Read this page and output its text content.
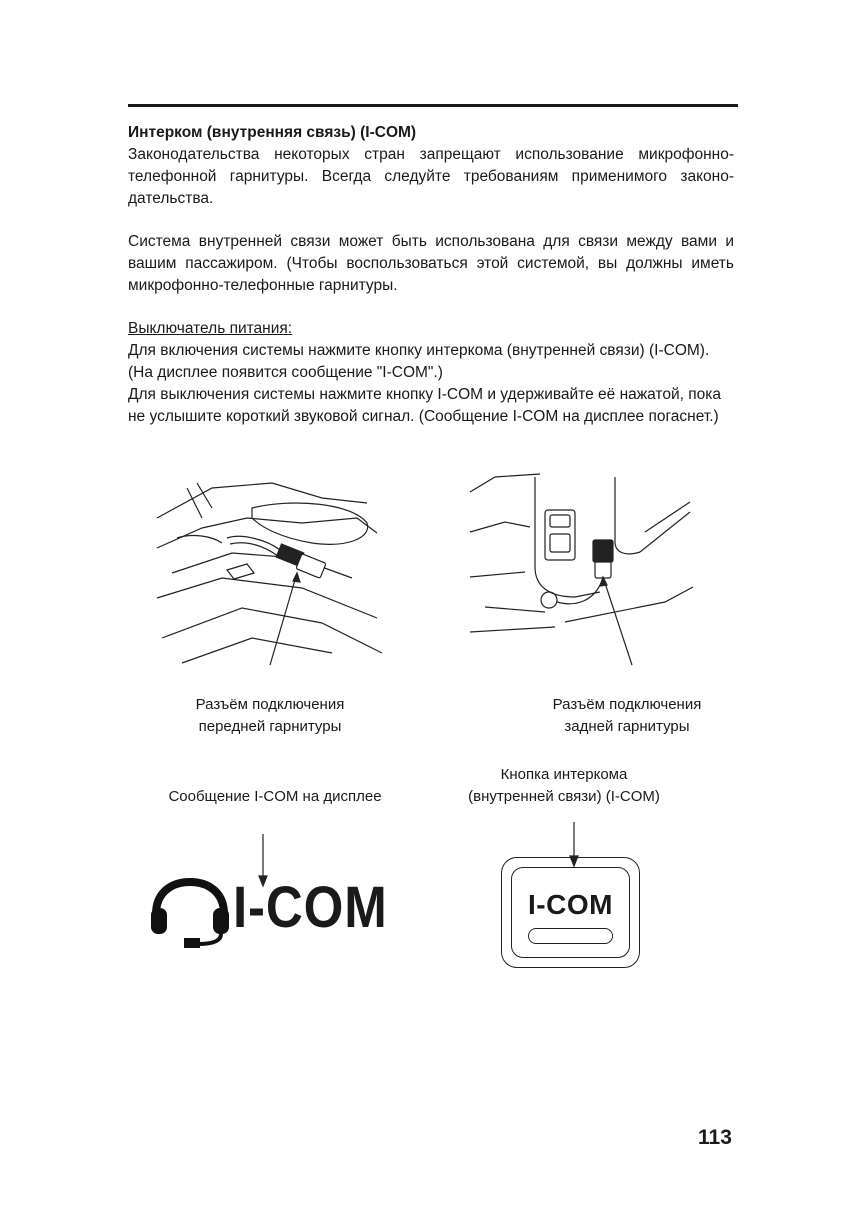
Интерком (внутренняя связь) (I-COM)
Законодательства некоторых стран запрещают использование микрофонно-телефонной гарнитуры. Всегда следуйте требованиям применимого законо-дательства.
Система внутренней связи может быть использована для связи между вами и вашим пассажиром. (Чтобы воспользоваться этой системой, вы должны иметь микрофонно-телефонные гарнитуры.
Выключатель питания:
Для включения системы нажмите кнопку интеркома (внутренней связи) (I-COM).
(На дисплее появится сообщение "I-COM".)
Для выключения системы нажмите кнопку I-COM и удерживайте её нажатой, пока не услышите короткий звуковой сигнал. (Сообщение I-COM на дисплее погаснет.)
Разъём подключения
передней гарнитуры
Разъём подключения
задней гарнитуры
Сообщение I-COM на дисплее
Кнопка интеркома
(внутренней связи) (I-COM)
I-COM	I-COM
113
